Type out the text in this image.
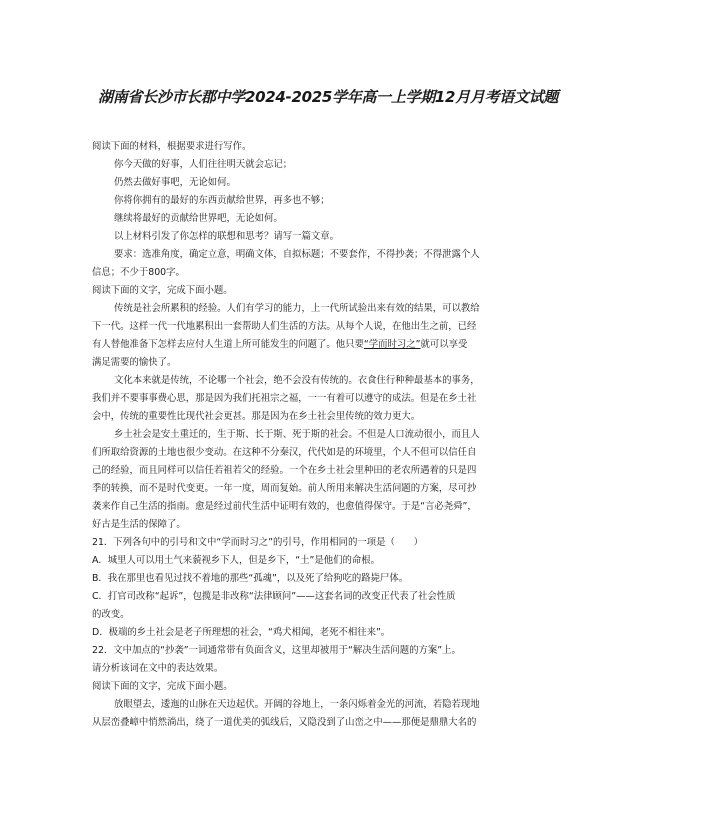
湖南省长沙市长郡中学2024-2025学年高一上学期12月月考语文试题
阅读下面的材料，根据要求进行写作。
你今天做的好事，人们往往明天就会忘记；
仍然去做好事吧，无论如何。
你将你拥有的最好的东西贡献给世界，再多也不够；
继续将最好的贡献给世界吧，无论如何。
以上材料引发了你怎样的联想和思考？请写一篇文章。
要求：选准角度，确定立意，明确文体，自拟标题；不要套作，不得抄袭；不得泄露个人
信息；不少于800字。
阅读下面的文字，完成下面小题。
传统是社会所累积的经验。人们有学习的能力，上一代所试验出来有效的结果，可以教给
下一代。这样一代一代地累积出一套帮助人们生活的方法。从每个人说，在他出生之前，已经
有人替他准备下怎样去应付人生道上所可能发生的问题了。他只要“学而时习之”就可以享受
满足需要的愉快了。
文化本来就是传统，不论哪一个社会，绝不会没有传统的。衣食住行种种最基本的事务，
我们并不要事事费心思，那是因为我们托祖宗之福，一一有着可以遵守的成法。但是在乡土社
会中，传统的重要性比现代社会更甚。那是因为在乡土社会里传统的效力更大。
乡土社会是安土重迁的，生于斯、长于斯、死于斯的社会。不但是人口流动很小，而且人
们所取给资源的土地也很少变动。在这种不分秦汉，代代如是的环境里，个人不但可以信任自
己的经验，而且同样可以信任若祖若父的经验。一个在乡土社会里种田的老农所遇着的只是四
季的转换，而不是时代变更。一年一度，周而复始。前人所用来解决生活问题的方案，尽可抄
袭来作自己生活的指南。愈是经过前代生活中证明有效的，也愈值得保守。于是“言必尧舜”，
好古是生活的保障了。
21．下列各句中的引号和文中“学而时习之”的引号，作用相同的一项是（　　）
A．城里人可以用土气来藐视乡下人，但是乡下，“土”是他们的命根。
B．我在那里也看见过找不着地的那些“孤魂”，以及死了给狗吃的路毙尸体。
C．打官司改称“起诉”，包揽是非改称“法律顾问”——这套名词的改变正代表了社会性质
的改变。
D．极端的乡土社会是老子所理想的社会，“鸡犬相闻，老死不相往来”。
22．文中加点的“抄袭”一词通常带有负面含义，这里却被用于“解决生活问题的方案”上。
请分析该词在文中的表达效果。
阅读下面的文字，完成下面小题。
放眼望去，逶迤的山脉在天边起伏。开阔的谷地上，一条闪烁着金光的河流，若隐若现地
从层峦叠嶂中悄然淌出，绕了一道优美的弧线后，又隐没到了山峦之中——那便是鼎鼎大名的
